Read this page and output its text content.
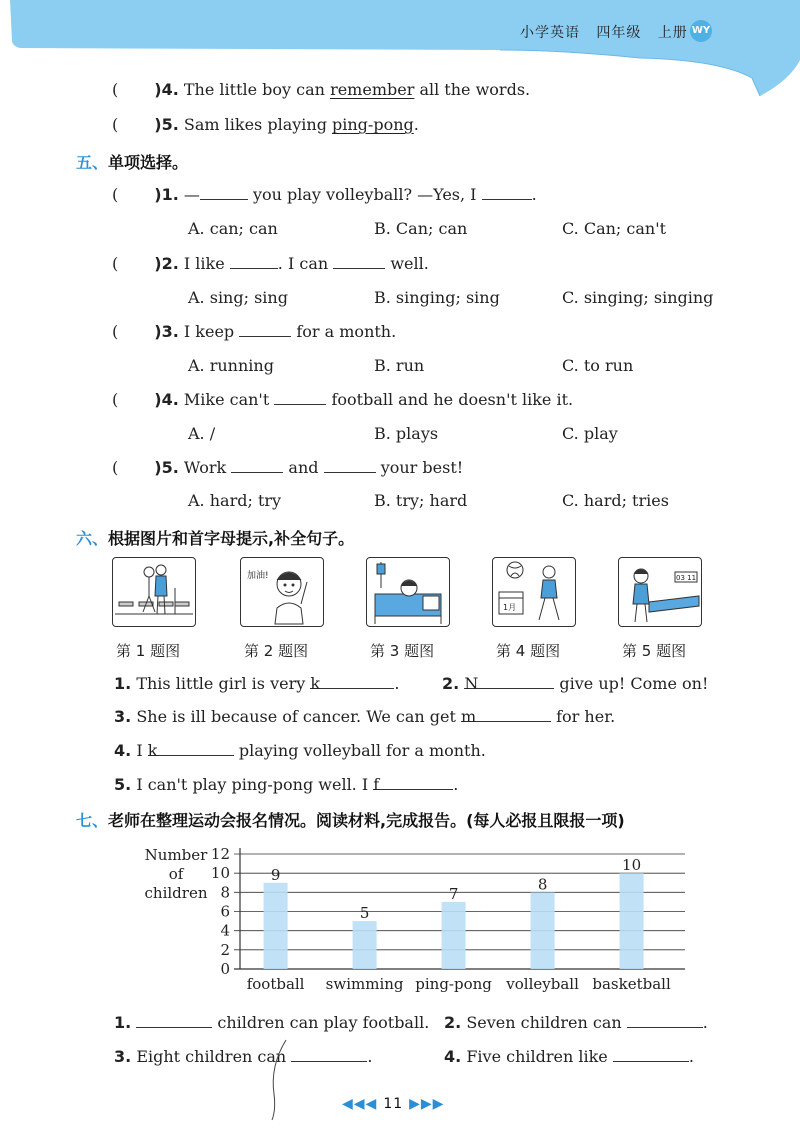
小学英语 四年级 上册 WY
( )4. The little boy can remember all the words.
( )5. Sam likes playing ping-pong.
五、单项选择。
( )1. —	you play volleyball? —Yes, I	.
A. can; can	B. Can; can	C. Can; can't
( )2. I like	. I can	well.
A. sing; sing	B. singing; sing	C. singing; singing
( )3. I keep	for a month.
A. running	B. run	C. to run
( )4. Mike can't	football and he doesn't like it.
A. /	B. plays	C. play
( )5. Work	and	your best!
A. hard; try	B. try; hard	C. hard; tries
六、根据图片和首字母提示,补全句子。
加油!
1月
03 11
第 1 题图	第 2 题图	第 3 题图	第 4 题图	第 5 题图
1. This little girl is very k	.	2. N	give up! Come on!
3. She is ill because of cancer. We can get m	for her.
4. I k	playing volleyball for a month.
5. I can't play ping-pong well. I f	.
七、老师在整理运动会报名情况。阅读材料,完成报告。(每人必报且限报一项)
Number
of
children
9
5
7
8
10
0
2
4
6
8
10
12
football swimming ping-pong volleyball basketball
1.	children can play football. 2. Seven children can	.
3. Eight children can	.	4. Five children like	.
◀◀◀ 11 ▶▶▶
